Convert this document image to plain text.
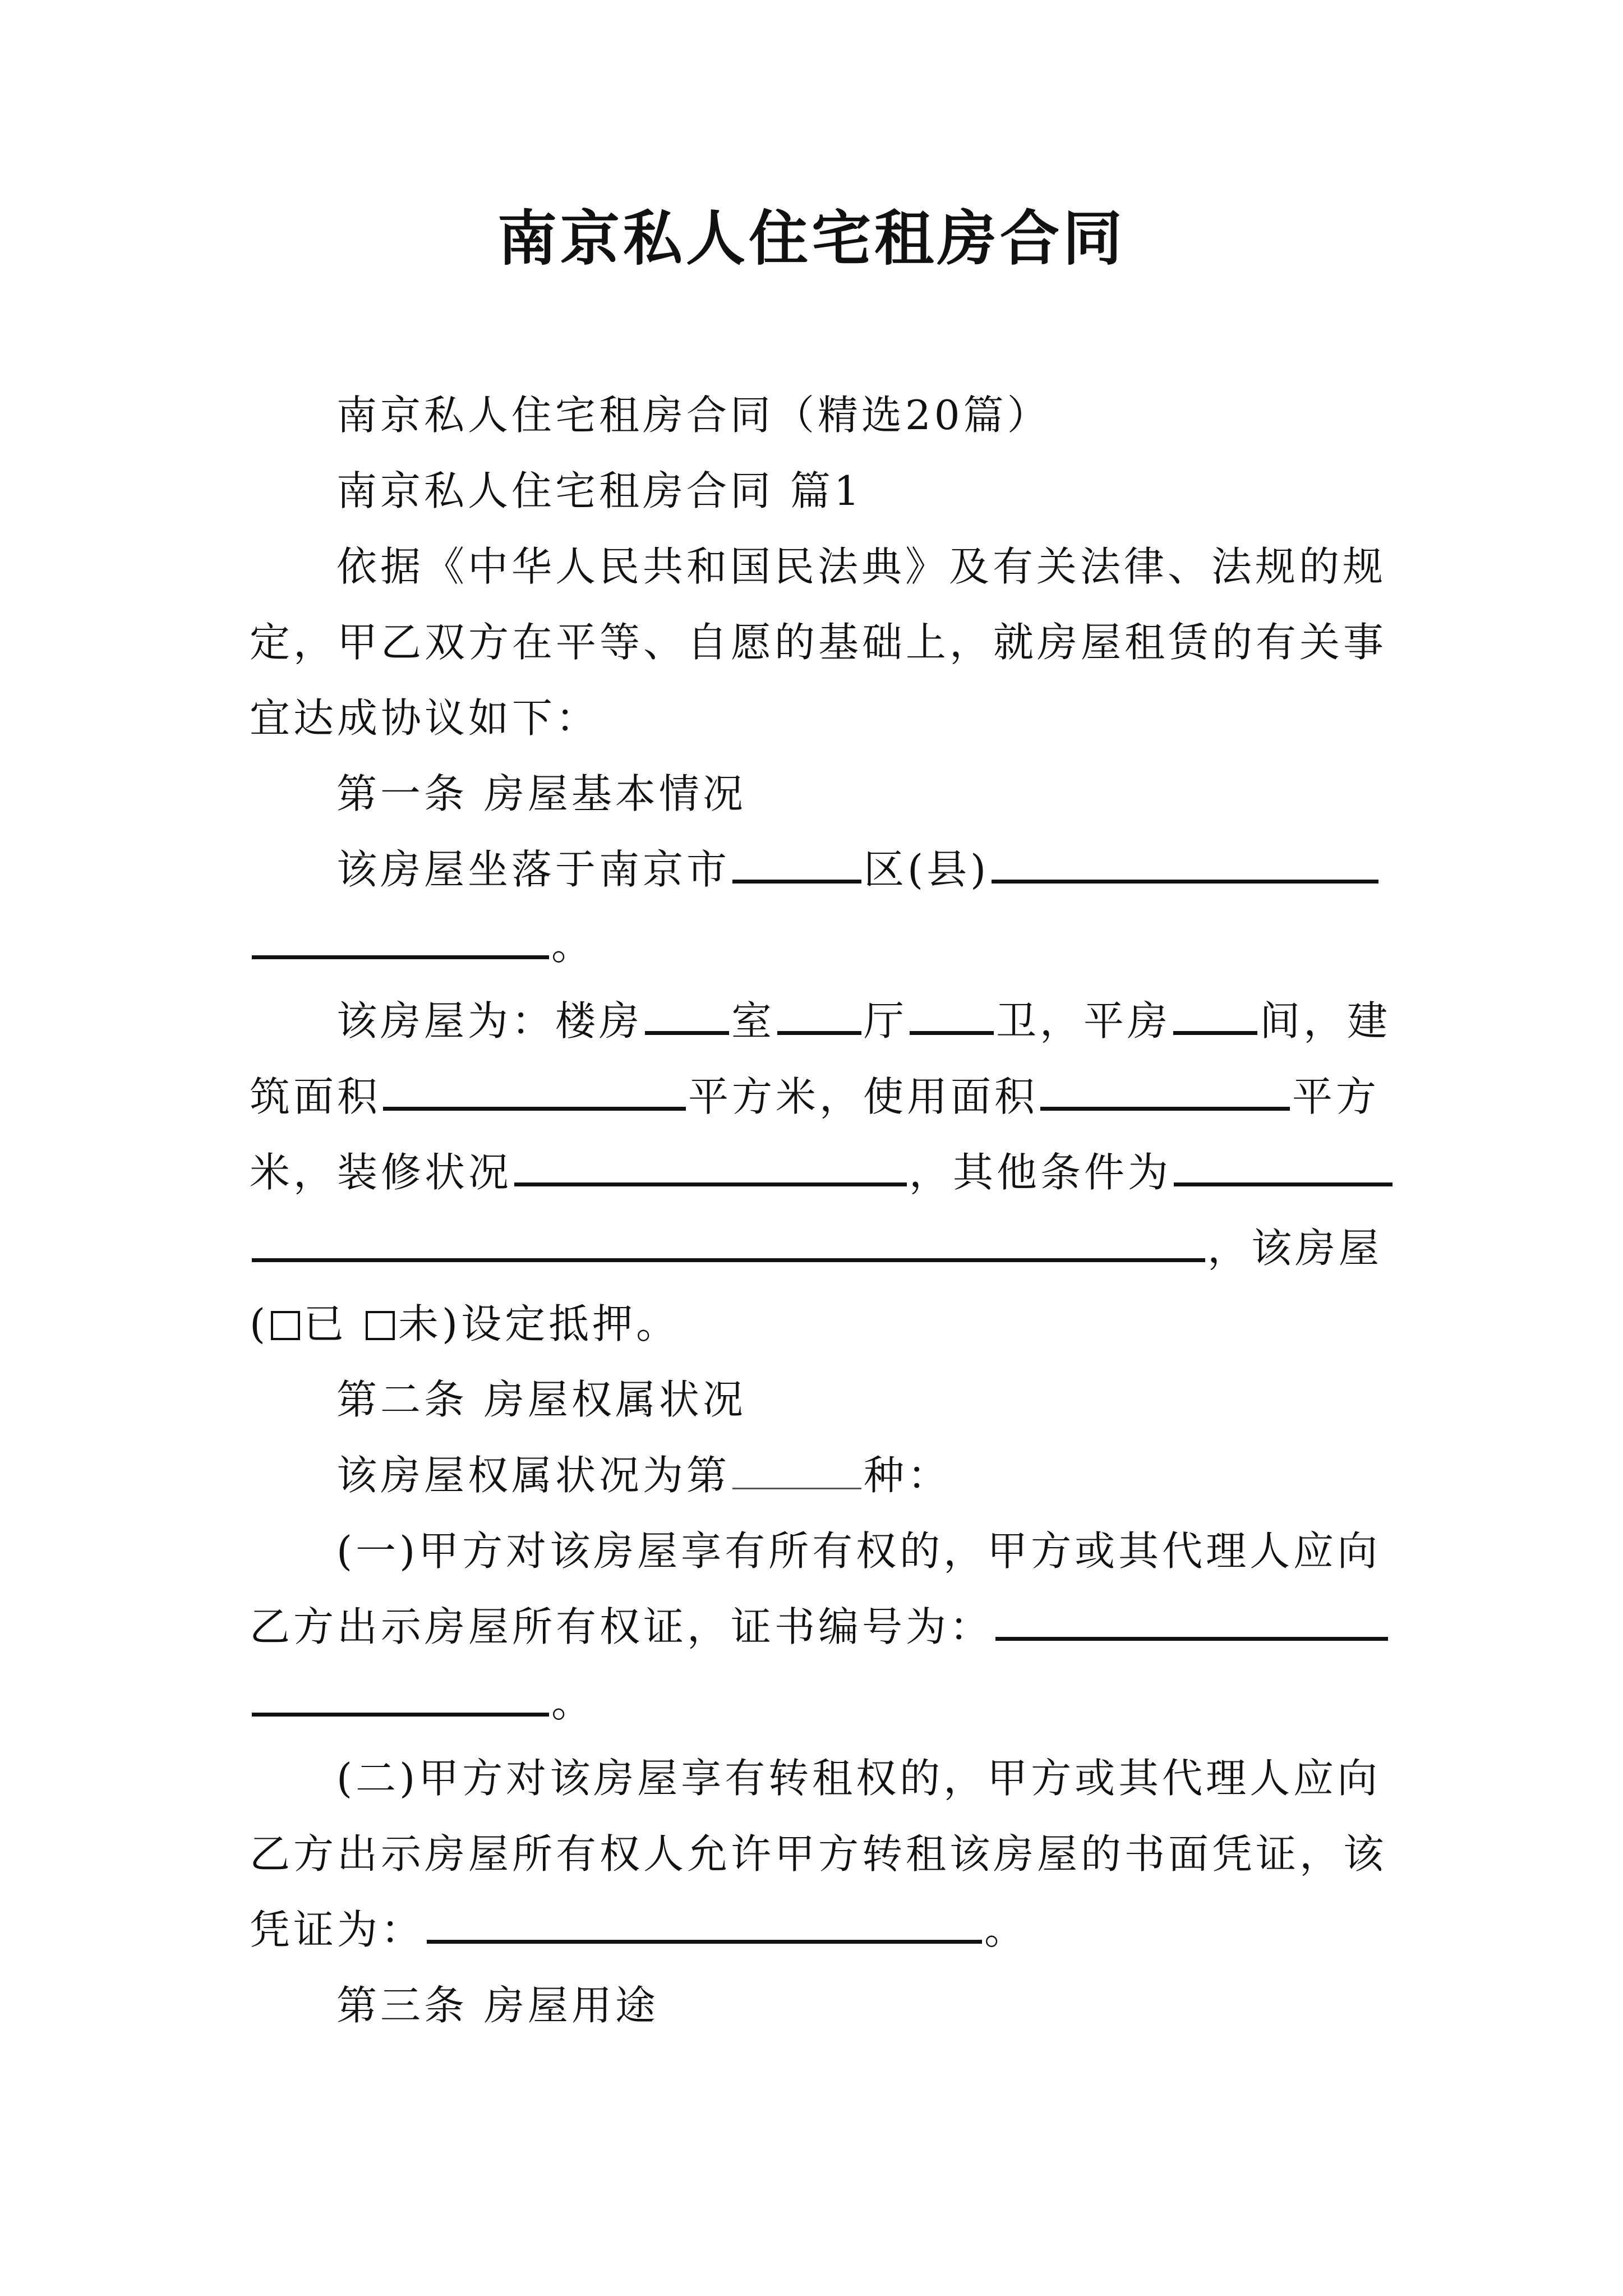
南京私人住宅租房合同
南京私人住宅租房合同（精选20篇）
南京私人住宅租房合同 篇1
依据《中华人民共和国民法典》及有关法律、法规的规
定，甲乙双方在平等、自愿的基础上，就房屋租赁的有关事
宜达成协议如下：
第一条 房屋基本情况
该房屋坐落于南京市	区(县)
。
该房屋为：楼房 室 厅 卫，平房 间，建
筑面积	平方米，使用面积	平方
米，装修状况	，其他条件为
，该房屋
( 已 未)设定抵押。
第二条 房屋权属状况
该房屋权属状况为第	种：
(一)甲方对该房屋享有所有权的，甲方或其代理人应向
乙方出示房屋所有权证，证书编号为：
。
(二)甲方对该房屋享有转租权的，甲方或其代理人应向
乙方出示房屋所有权人允许甲方转租该房屋的书面凭证，该
凭证为：	。
第三条 房屋用途
